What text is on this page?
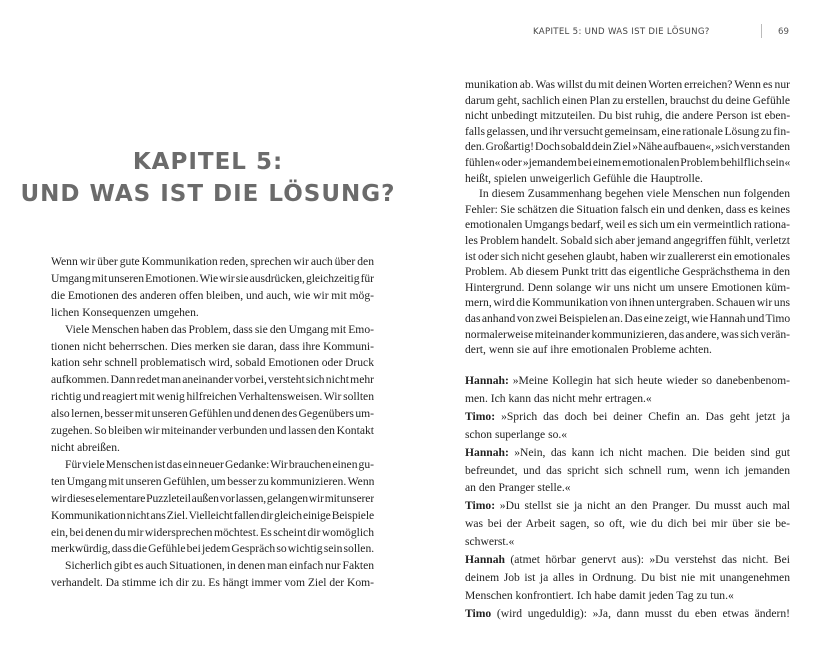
KAPITEL 5:
UND WAS IST DIE LÖSUNG?
Wenn wir über gute Kommunikation reden, sprechen wir auch über den
Umgang mit unseren Emotionen. Wie wir sie ausdrücken, gleichzeitig für
die Emotionen des anderen offen bleiben, und auch, wie wir mit mög-
lichen Konsequenzen umgehen.
Viele Menschen haben das Problem, dass sie den Umgang mit Emo-
tionen nicht beherrschen. Dies merken sie daran, dass ihre Kommuni-
kation sehr schnell problematisch wird, sobald Emotionen oder Druck
aufkommen. Dann redet man aneinander vorbei, versteht sich nicht mehr
richtig und reagiert mit wenig hilfreichen Verhaltensweisen. Wir sollten
also lernen, besser mit unseren Gefühlen und denen des Gegenübers um-
zugehen. So bleiben wir miteinander verbunden und lassen den Kontakt
nicht abreißen.
Für viele Menschen ist das ein neuer Gedanke: Wir brauchen einen gu-
ten Umgang mit unseren Gefühlen, um besser zu kommunizieren. Wenn
wir dieses elementare Puzzleteil außen vor lassen, gelangen wir mit unserer
Kommunikation nicht ans Ziel. Vielleicht fallen dir gleich einige Beispiele
ein, bei denen du mir widersprechen möchtest. Es scheint dir womöglich
merkwürdig, dass die Gefühle bei jedem Gespräch so wichtig sein sollen.
Sicherlich gibt es auch Situationen, in denen man einfach nur Fakten
verhandelt. Da stimme ich dir zu. Es hängt immer vom Ziel der Kom-
KAPITEL 5: UND WAS IST DIE LÖSUNG?	69
munikation ab. Was willst du mit deinen Worten erreichen? Wenn es nur
darum geht, sachlich einen Plan zu erstellen, brauchst du deine Gefühle
nicht unbedingt mitzuteilen. Du bist ruhig, die andere Person ist eben-
falls gelassen, und ihr versucht gemeinsam, eine rationale Lösung zu fin-
den. Großartig! Doch sobald dein Ziel »Nähe aufbauen«, »sich verstanden
fühlen« oder »jemandem bei einem emotionalen Problem behilflich sein«
heißt, spielen unweigerlich Gefühle die Hauptrolle.
In diesem Zusammenhang begehen viele Menschen nun folgenden
Fehler: Sie schätzen die Situation falsch ein und denken, dass es keines
emotionalen Umgangs bedarf, weil es sich um ein vermeintlich rationa-
les Problem handelt. Sobald sich aber jemand angegriffen fühlt, verletzt
ist oder sich nicht gesehen glaubt, haben wir zuallererst ein emotionales
Problem. Ab diesem Punkt tritt das eigentliche Gesprächsthema in den
Hintergrund. Denn solange wir uns nicht um unsere Emotionen küm-
mern, wird die Kommunikation von ihnen untergraben. Schauen wir uns
das anhand von zwei Beispielen an. Das eine zeigt, wie Hannah und Timo
normalerweise miteinander kommunizieren, das andere, was sich verän-
dert, wenn sie auf ihre emotionalen Probleme achten.
Hannah: »Meine Kollegin hat sich heute wieder so danebenbenom-
men. Ich kann das nicht mehr ertragen.«
Timo: »Sprich das doch bei deiner Chefin an. Das geht jetzt ja
schon superlange so.«
Hannah: »Nein, das kann ich nicht machen. Die beiden sind gut
befreundet, und das spricht sich schnell rum, wenn ich jemanden
an den Pranger stelle.«
Timo: »Du stellst sie ja nicht an den Pranger. Du musst auch mal
was bei der Arbeit sagen, so oft, wie du dich bei mir über sie be-
schwerst.«
Hannah (atmet hörbar genervt aus): »Du verstehst das nicht. Bei
deinem Job ist ja alles in Ordnung. Du bist nie mit unangenehmen
Menschen konfrontiert. Ich habe damit jeden Tag zu tun.«
Timo (wird ungeduldig): »Ja, dann musst du eben etwas ändern!
